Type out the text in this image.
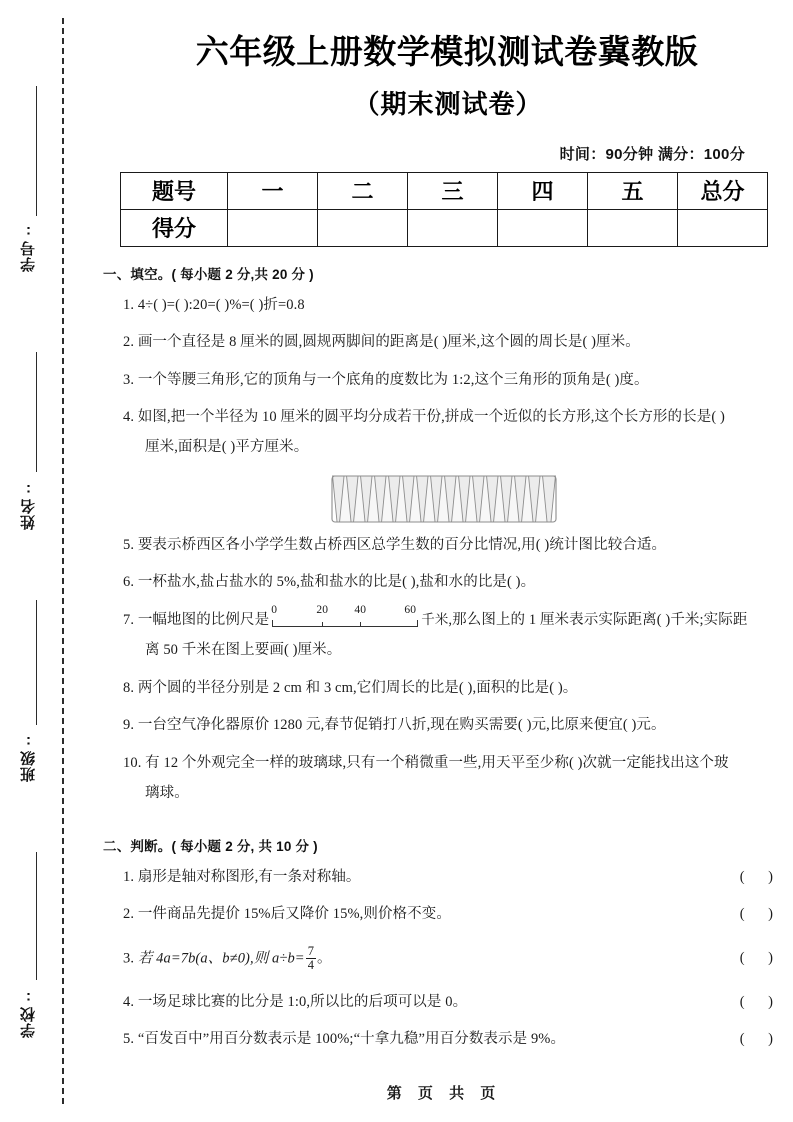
学号:
姓名:
班级:
学校:
六年级上册数学模拟测试卷冀教版
（期末测试卷）
时间：90分钟 满分：100分
题号	一	二	三	四	五	总分
得分						
一、填空。( 每小题 2 分,共 20 分 )
1. 4÷( )=( ):20=( )%=( )折=0.8
2. 画一个直径是 8 厘米的圆,圆规两脚间的距离是( )厘米,这个圆的周长是( )厘米。
3. 一个等腰三角形,它的顶角与一个底角的度数比为 1:2,这个三角形的顶角是( )度。
4. 如图,把一个半径为 10 厘米的圆平均分成若干份,拼成一个近似的长方形,这个长方形的长是( )
厘米,面积是( )平方厘米。
5. 要表示桥西区各小学学生数占桥西区总学生数的百分比情况,用( )统计图比较合适。
6. 一杯盐水,盐占盐水的 5%,盐和盐水的比是( ),盐和水的比是( )。
7. 一幅地图的比例尺是
0	20 40	60
千米,那么图上的 1 厘米表示实际距离( )千米;实际距
离 50 千米在图上要画( )厘米。
8. 两个圆的半径分别是 2 cm 和 3 cm,它们周长的比是( ),面积的比是( )。
9. 一台空气净化器原价 1280 元,春节促销打八折,现在购买需要( )元,比原来便宜( )元。
10. 有 12 个外观完全一样的玻璃球,只有一个稍微重一些,用天平至少称( )次就一定能找出这个玻
璃球。
二、判断。( 每小题 2 分, 共 10 分 )
1. 扇形是轴对称图形,有一条对称轴。	( )
2. 一件商品先提价 15%后又降价 15%,则价格不变。	( )
3. 若 4a=7b(a、b≠0),则 $a\div b= \frac{7}{4}$ 。	( )
4. 一场足球比赛的比分是 1:0,所以比的后项可以是 0。	( )
5. “百发百中”用百分数表示是 100%;“十拿九稳”用百分数表示是 9%。	( )
第 页 共 页
